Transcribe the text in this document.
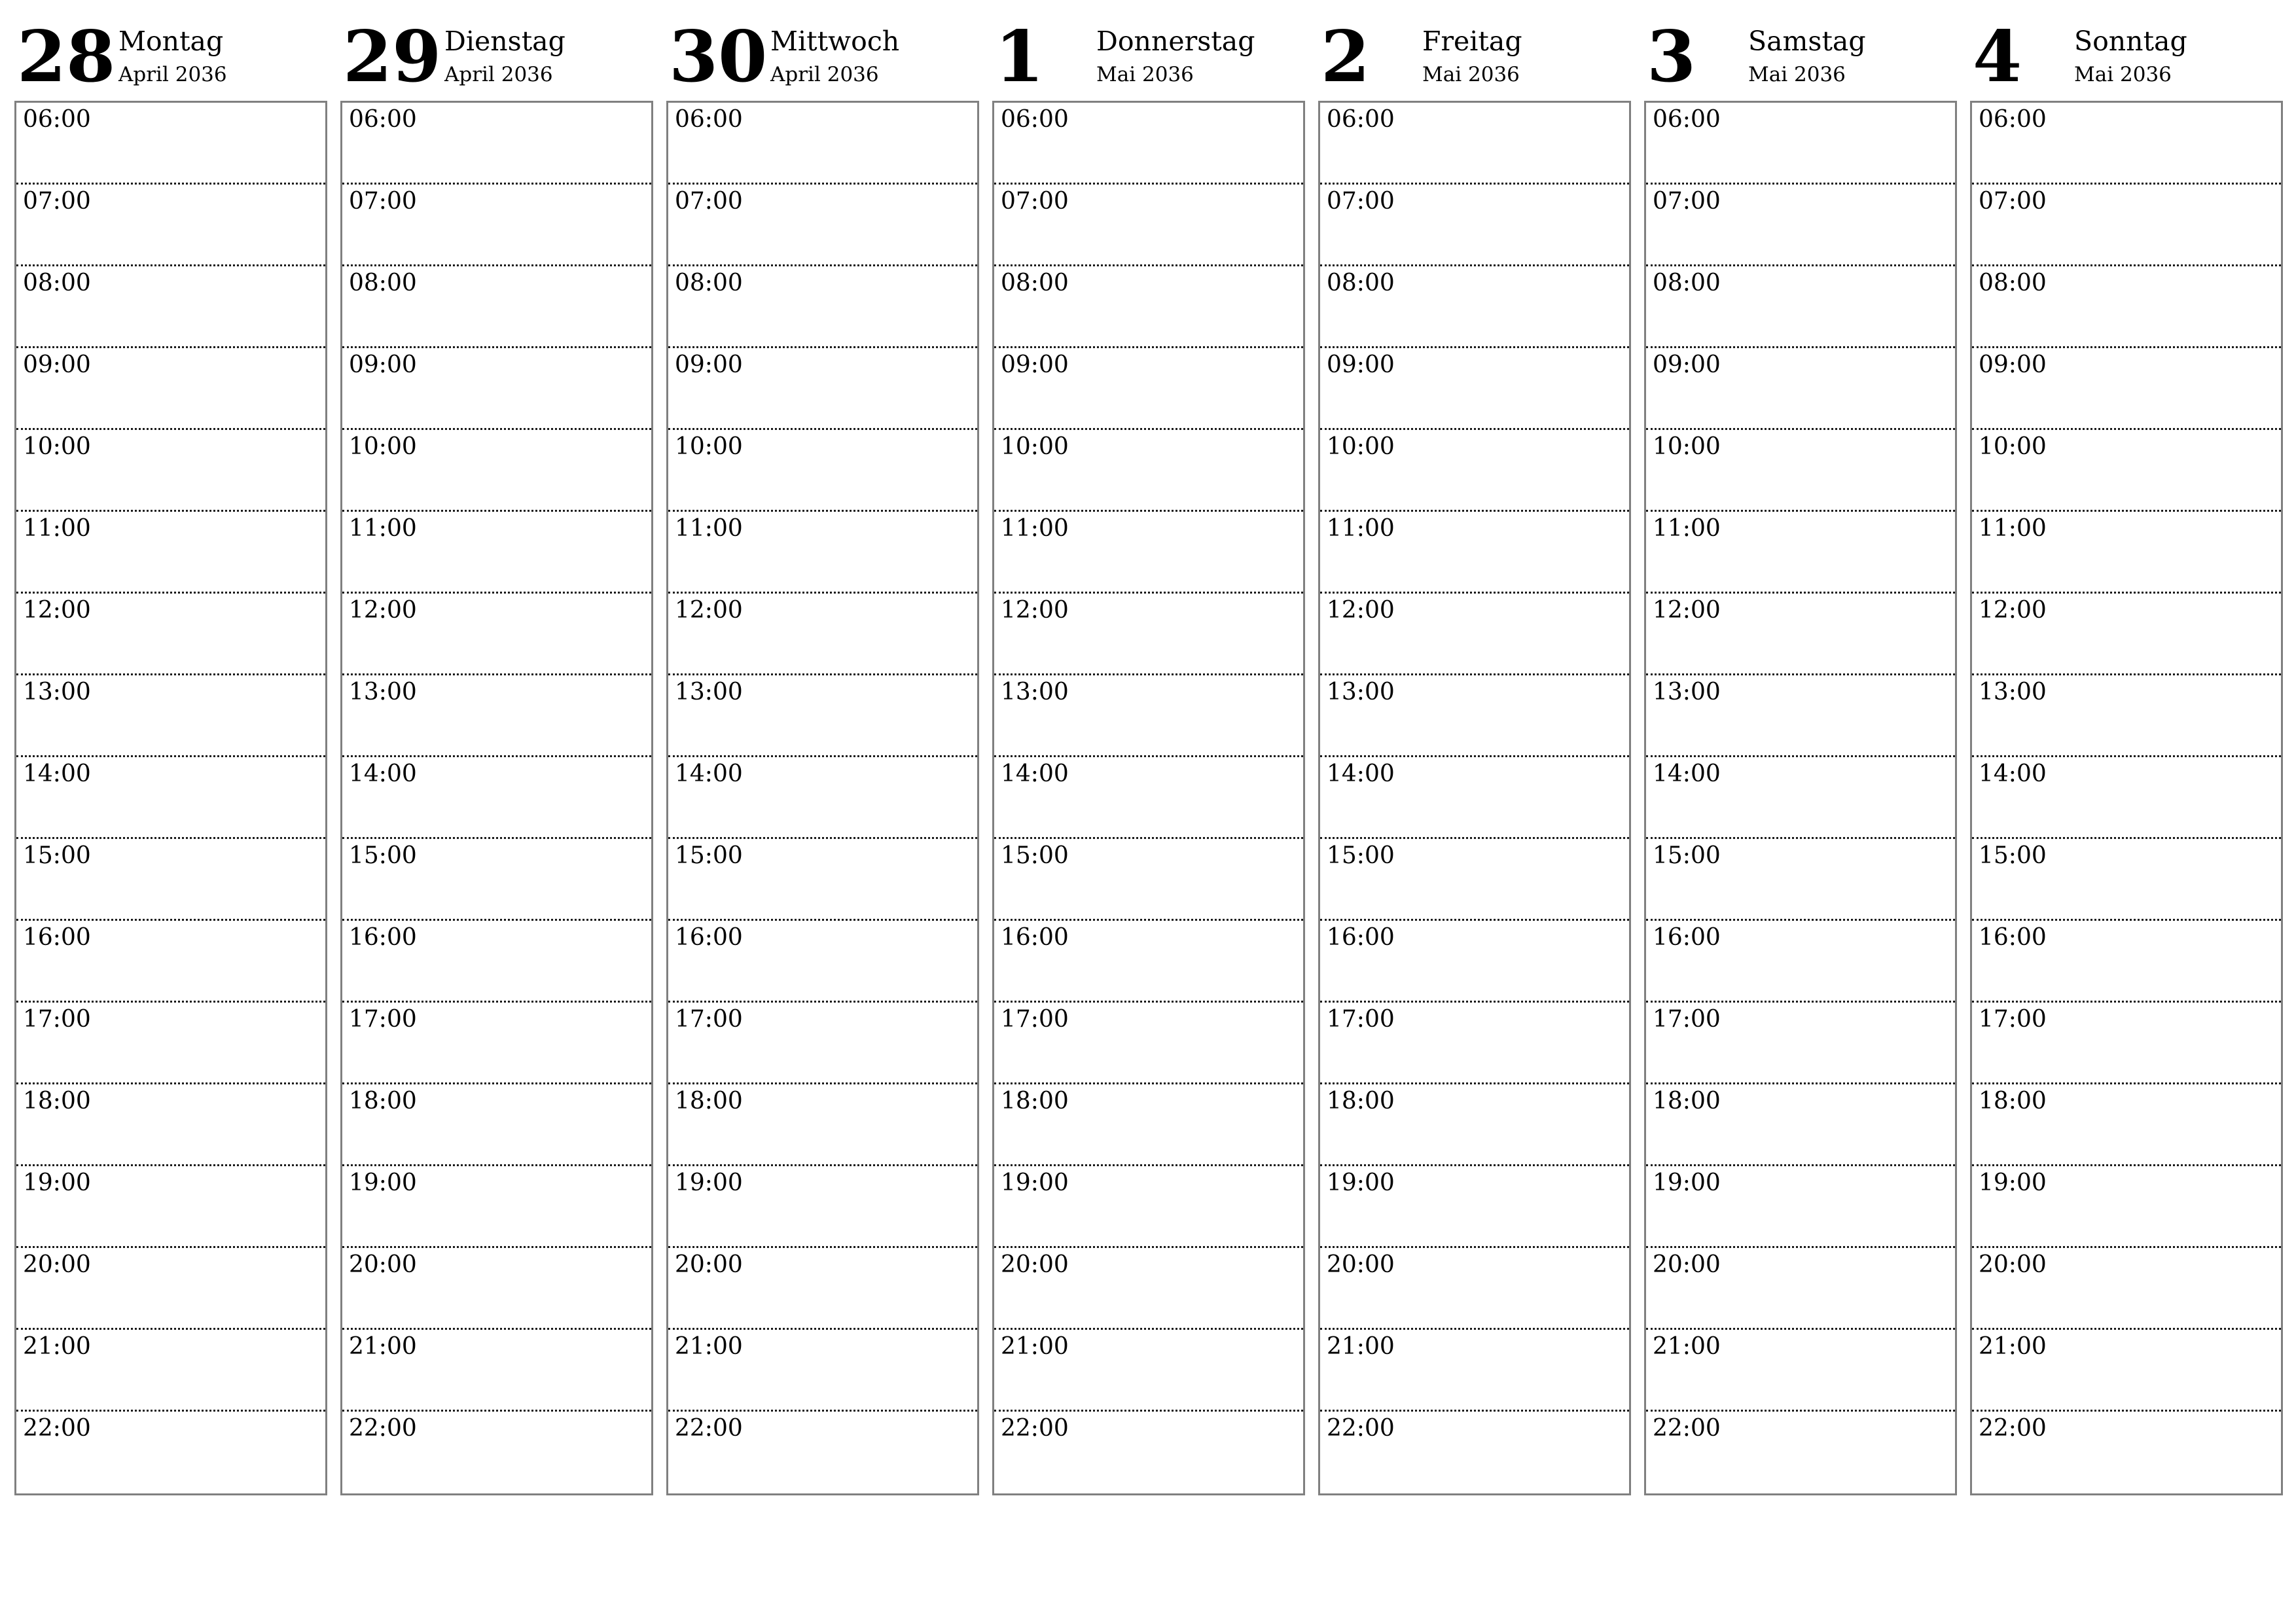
28 Montag
April 2036
06:00
07:00
08:00
09:00
10:00
11:00
12:00
13:00
14:00
15:00
16:00
17:00
18:00
19:00
20:00
21:00
22:00
29 Dienstag
April 2036
06:00
07:00
08:00
09:00
10:00
11:00
12:00
13:00
14:00
15:00
16:00
17:00
18:00
19:00
20:00
21:00
22:00
30 Mittwoch
April 2036
06:00
07:00
08:00
09:00
10:00
11:00
12:00
13:00
14:00
15:00
16:00
17:00
18:00
19:00
20:00
21:00
22:00
1 Donnerstag
Mai 2036
06:00
07:00
08:00
09:00
10:00
11:00
12:00
13:00
14:00
15:00
16:00
17:00
18:00
19:00
20:00
21:00
22:00
2 Freitag
Mai 2036
06:00
07:00
08:00
09:00
10:00
11:00
12:00
13:00
14:00
15:00
16:00
17:00
18:00
19:00
20:00
21:00
22:00
3 Samstag
Mai 2036
06:00
07:00
08:00
09:00
10:00
11:00
12:00
13:00
14:00
15:00
16:00
17:00
18:00
19:00
20:00
21:00
22:00
4 Sonntag
Mai 2036
06:00
07:00
08:00
09:00
10:00
11:00
12:00
13:00
14:00
15:00
16:00
17:00
18:00
19:00
20:00
21:00
22:00
